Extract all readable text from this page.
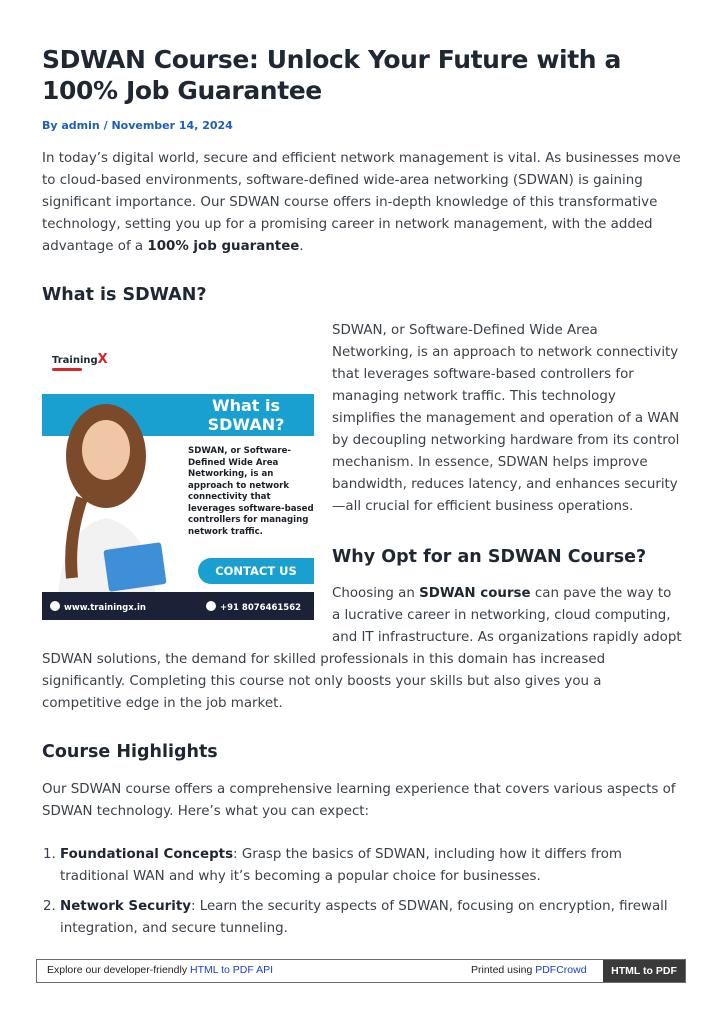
SDWAN Course: Unlock Your Future with a 100% Job Guarantee
By admin / November 14, 2024

In today’s digital world, secure and efficient network management is vital. As businesses move to cloud-based environments, software-defined wide-area networking (SDWAN) is gaining significant importance. Our SDWAN course offers in-depth knowledge of this transformative technology, setting you up for a promising career in network management, with the added advantage of a 100% job guarantee.

What is SDWAN?
TrainingX
What is SDWAN?
SDWAN, or Software-Defined Wide Area Networking, is an approach to network connectivity that leverages software-based controllers for managing network traffic.
CONTACT US
www.trainingx.in	+91 8076461562

SDWAN, or Software-Defined Wide Area Networking, is an approach to network connectivity that leverages software-based controllers for managing network traffic. This technology simplifies the management and operation of a WAN by decoupling networking hardware from its control mechanism. In essence, SDWAN helps improve bandwidth, reduces latency, and enhances security—all crucial for efficient business operations.

Why Opt for an SDWAN Course?

Choosing an SDWAN course can pave the way to a lucrative career in networking, cloud computing, and IT infrastructure. As organizations rapidly adopt

SDWAN solutions, the demand for skilled professionals in this domain has increased significantly. Completing this course not only boosts your skills but also gives you a competitive edge in the job market.

Course Highlights

Our SDWAN course offers a comprehensive learning experience that covers various aspects of SDWAN technology. Here’s what you can expect:

1. Foundational Concepts: Grasp the basics of SDWAN, including how it differs from traditional WAN and why it’s becoming a popular choice for businesses.
2. Network Security: Learn the security aspects of SDWAN, focusing on encryption, firewall integration, and secure tunneling.
Explore our developer-friendly HTML to PDF API	Printed using PDFCrowd	HTML to PDF
